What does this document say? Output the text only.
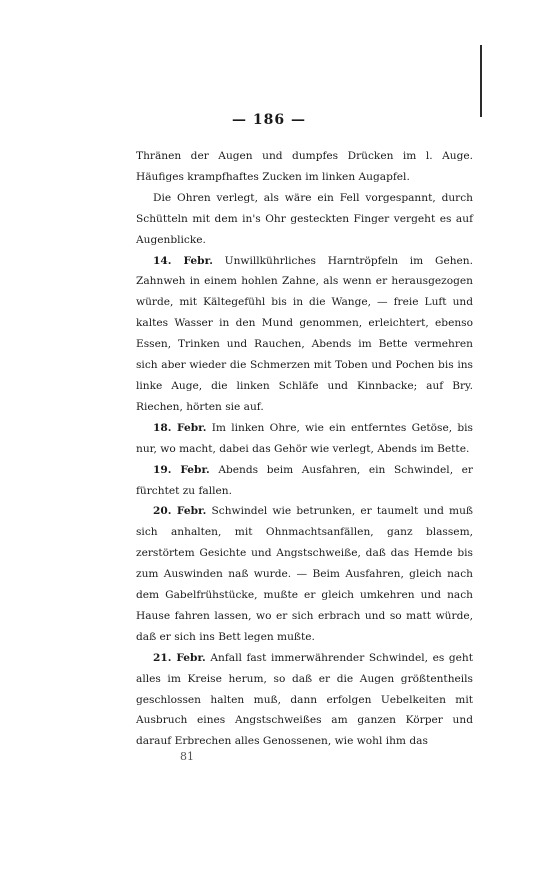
— 186 —

Thränen der Augen und dumpfes Drücken im l. Auge. Häufiges krampfhaftes Zucken im linken Augapfel.

Die Ohren verlegt, als wäre ein Fell vorgespannt, durch Schütteln mit dem in's Ohr gesteckten Finger vergeht es auf Augenblicke.

14. Febr. Unwillkührliches Harntröpfeln im Gehen. Zahnweh in einem hohlen Zahne, als wenn er herausgezogen würde, mit Kältegefühl bis in die Wange, — freie Luft und kaltes Wasser in den Mund genommen, erleichtert, ebenso Essen, Trinken und Rauchen, Abends im Bette vermehren sich aber wieder die Schmerzen mit Toben und Pochen bis ins linke Auge, die linken Schläfe und Kinnbacke; auf Bry. Riechen, hörten sie auf.

18. Febr. Im linken Ohre, wie ein entferntes Getöse, bis nur, wo macht, dabei das Gehör wie verlegt, Abends im Bette.

19. Febr. Abends beim Ausfahren, ein Schwindel, er fürchtet zu fallen.

20. Febr. Schwindel wie betrunken, er taumelt und muß sich anhalten, mit Ohnmachtsanfällen, ganz blassem, zerstörtem Gesichte und Angstschweiße, daß das Hemde bis zum Auswinden naß wurde. — Beim Ausfahren, gleich nach dem Gabelfrühstücke, mußte er gleich umkehren und nach Hause fahren lassen, wo er sich erbrach und so matt würde, daß er sich ins Bett legen mußte.

21. Febr. Anfall fast immerwährender Schwindel, es geht alles im Kreise herum, so daß er die Augen größtentheils geschlossen halten muß, dann erfolgen Uebelkeiten mit Ausbruch eines Angstschweißes am ganzen Körper und darauf Erbrechen alles Genossenen, wie wohl ihm das

81
